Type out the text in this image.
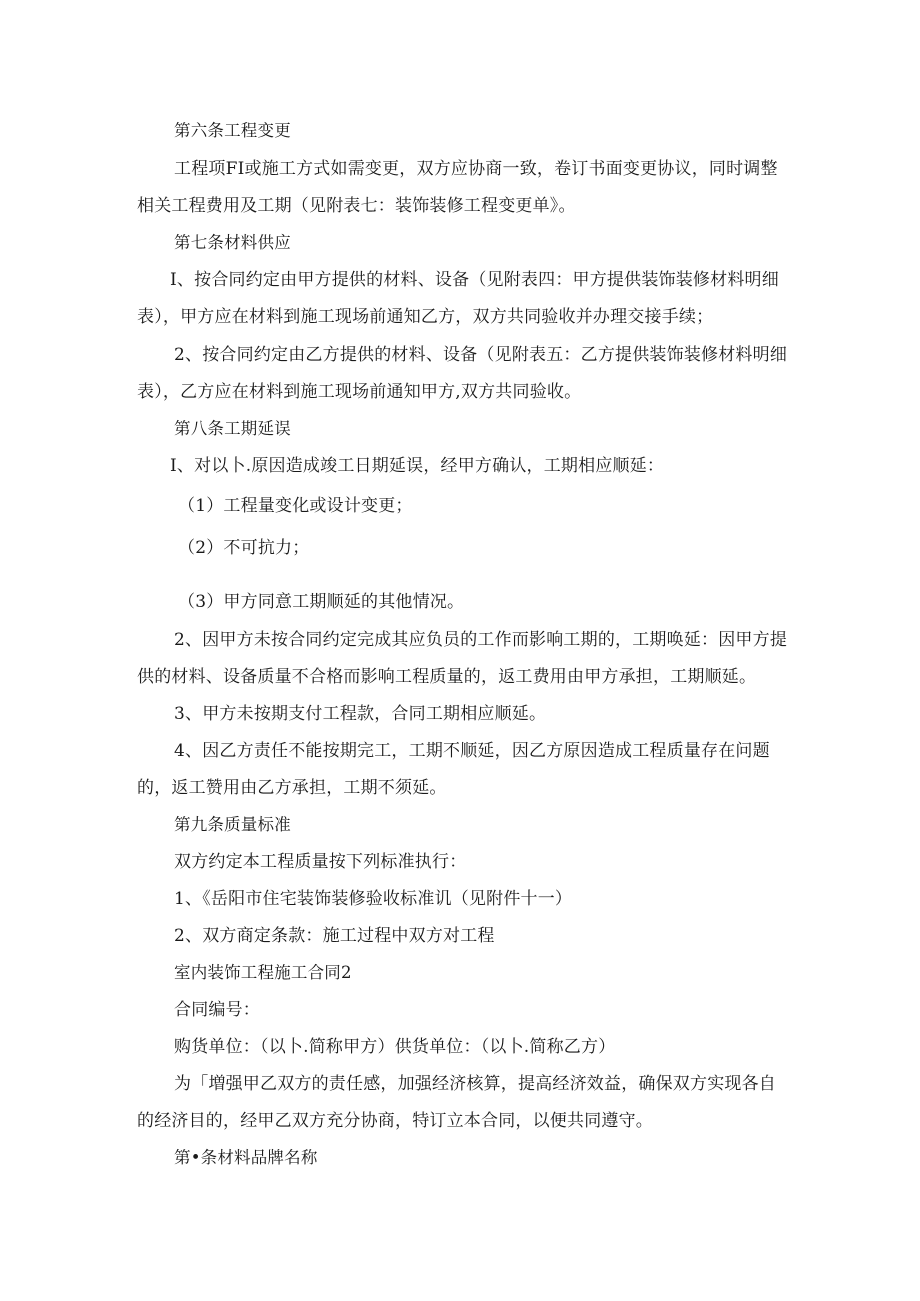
第六条工程变更
工程项FI或施工方式如需变更，双方应协商一致，卷订书面变更协议，同时调整
相关工程费用及工期（见附表七：装饰装修工程变更单》。
第七条材料供应
I、按合同约定由甲方提供的材料、设备（见附表四：甲方提供装饰装修材料明细
表），甲方应在材料到施工现场前通知乙方，双方共同验收并办理交接手续；
2、按合同约定由乙方提供的材料、设备（见附表五：乙方提供装饰装修材料明细
表），乙方应在材料到施工现场前通知甲方,双方共同验收。
第八条工期延误
I、对以卜.原因造成竣工日期延误，经甲方确认，工期相应顺延：
（1）工程量变化或设计变更；
（2）不可抗力；
（3）甲方同意工期顺延的其他情况。
2、因甲方未按合同约定完成其应负员的工作而影响工期的，工期唤延：因甲方提
供的材料、设备质量不合格而影响工程质量的，返工费用由甲方承担，工期顺延。
3、甲方未按期支付工程款，合同工期相应顺延。
4、因乙方责任不能按期完工，工期不顺延，因乙方原因造成工程质量存在问题
的，返工赞用由乙方承担，工期不须延。
第九条质量标准
双方约定本工程质量按下列标准执行：
1、《岳阳市住宅装饰装修验收标准讥（见附件十一）
2、双方商定条款：施工过程中双方对工程
室内装饰工程施工合同2
合同编号：
购货单位：（以卜.简称甲方）供货单位：（以卜.简称乙方）
为「増强甲乙双方的责任感，加强经济核算，提高经济效益，确保双方实现各自
的经济目的，经甲乙双方充分协商，特订立本合同，以便共同遵守。
第•条材料品牌名称
